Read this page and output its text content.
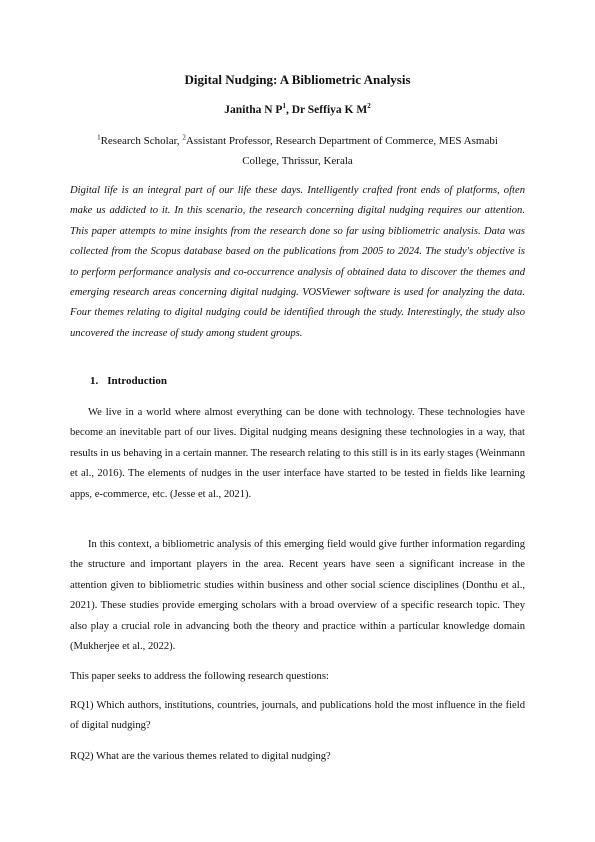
Digital Nudging: A Bibliometric Analysis
Janitha N $P^1$, Dr Seffiya K $M^2$
$^1$Research Scholar, $^2$Assistant Professor, Research Department of Commerce, MES Asmabi
College, Thrissur, Kerala

Digital life is an integral part of our life these days. Intelligently crafted front ends of platforms, often make us addicted to it. In this scenario, the research concerning digital nudging requires our attention. This paper attempts to mine insights from the research done so far using bibliometric analysis. Data was collected from the Scopus database based on the publications from 2005 to 2024. The study's objective is to perform performance analysis and co-occurrence analysis of obtained data to discover the themes and emerging research areas concerning digital nudging. VOSViewer software is used for analyzing the data. Four themes relating to digital nudging could be identified through the study. Interestingly, the study also uncovered the increase of study among student groups.

1. Introduction

We live in a world where almost everything can be done with technology. These technologies have become an inevitable part of our lives. Digital nudging means designing these technologies in a way, that results in us behaving in a certain manner. The research relating to this still is in its early stages (Weinmann et al., 2016). The elements of nudges in the user interface have started to be tested in fields like learning apps, e-commerce, etc. (Jesse et al., 2021).

In this context, a bibliometric analysis of this emerging field would give further information regarding the structure and important players in the area. Recent years have seen a significant increase in the attention given to bibliometric studies within business and other social science disciplines (Donthu et al., 2021). These studies provide emerging scholars with a broad overview of a specific research topic. They also play a crucial role in advancing both the theory and practice within a particular knowledge domain (Mukherjee et al., 2022).

This paper seeks to address the following research questions:

RQ1) Which authors, institutions, countries, journals, and publications hold the most influence in the field of digital nudging?

RQ2) What are the various themes related to digital nudging?
